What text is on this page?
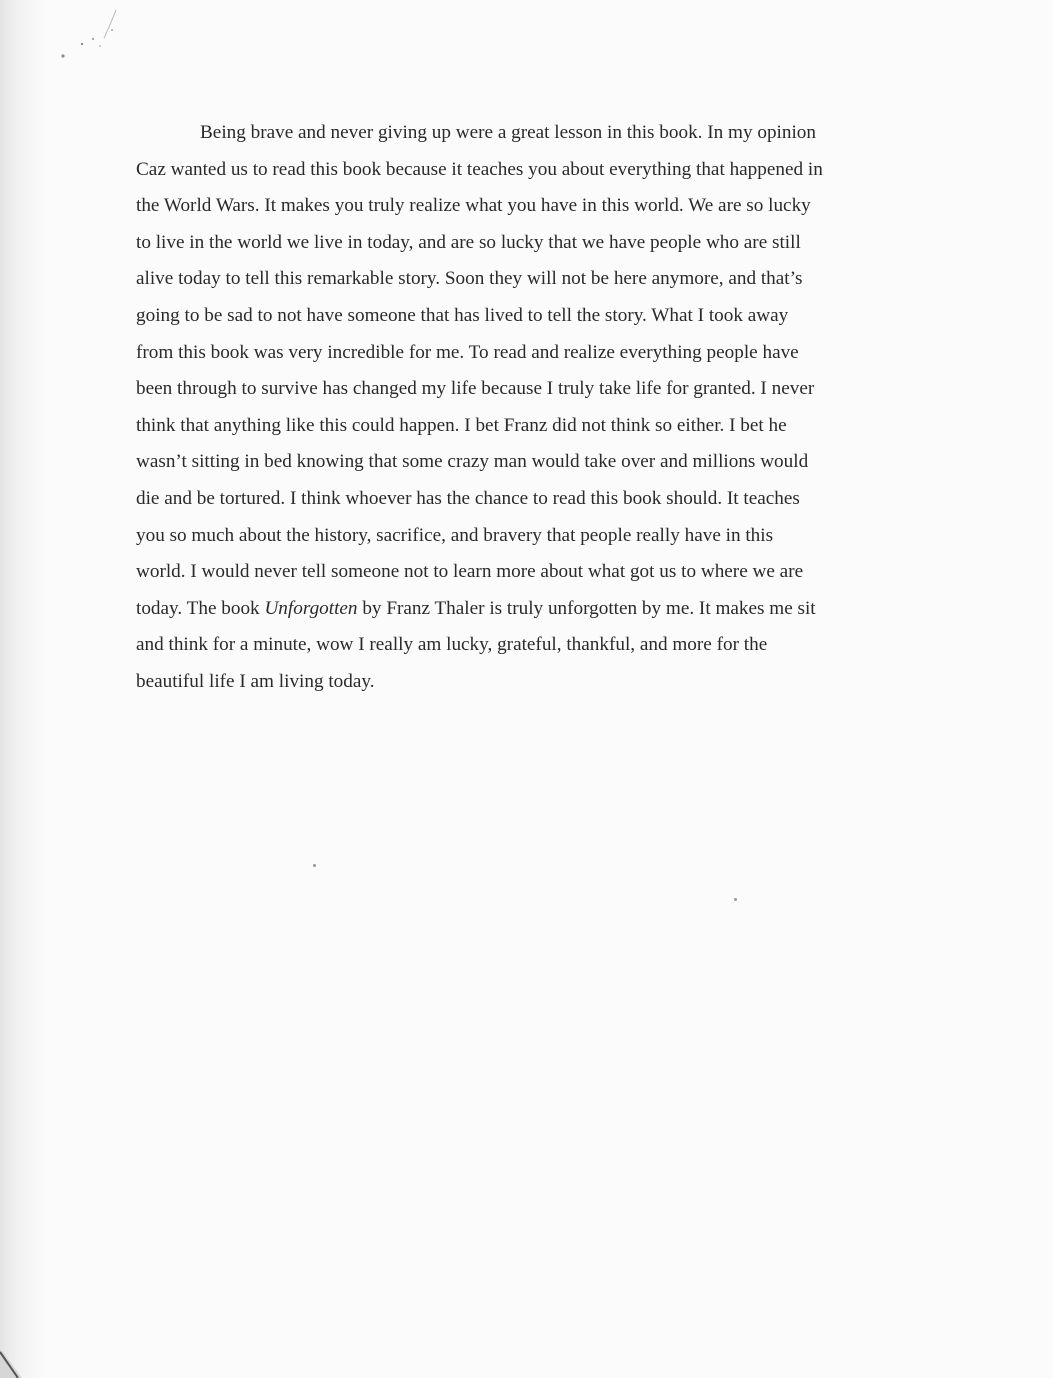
Being brave and never giving up were a great lesson in this book. In my opinion
Caz wanted us to read this book because it teaches you about everything that happened in
the World Wars. It makes you truly realize what you have in this world. We are so lucky
to live in the world we live in today, and are so lucky that we have people who are still
alive today to tell this remarkable story. Soon they will not be here anymore, and that’s
going to be sad to not have someone that has lived to tell the story. What I took away
from this book was very incredible for me. To read and realize everything people have
been through to survive has changed my life because I truly take life for granted. I never
think that anything like this could happen. I bet Franz did not think so either. I bet he
wasn’t sitting in bed knowing that some crazy man would take over and millions would
die and be tortured. I think whoever has the chance to read this book should. It teaches
you so much about the history, sacrifice, and bravery that people really have in this
world. I would never tell someone not to learn more about what got us to where we are
today. The book Unforgotten by Franz Thaler is truly unforgotten by me. It makes me sit
and think for a minute, wow I really am lucky, grateful, thankful, and more for the
beautiful life I am living today.
